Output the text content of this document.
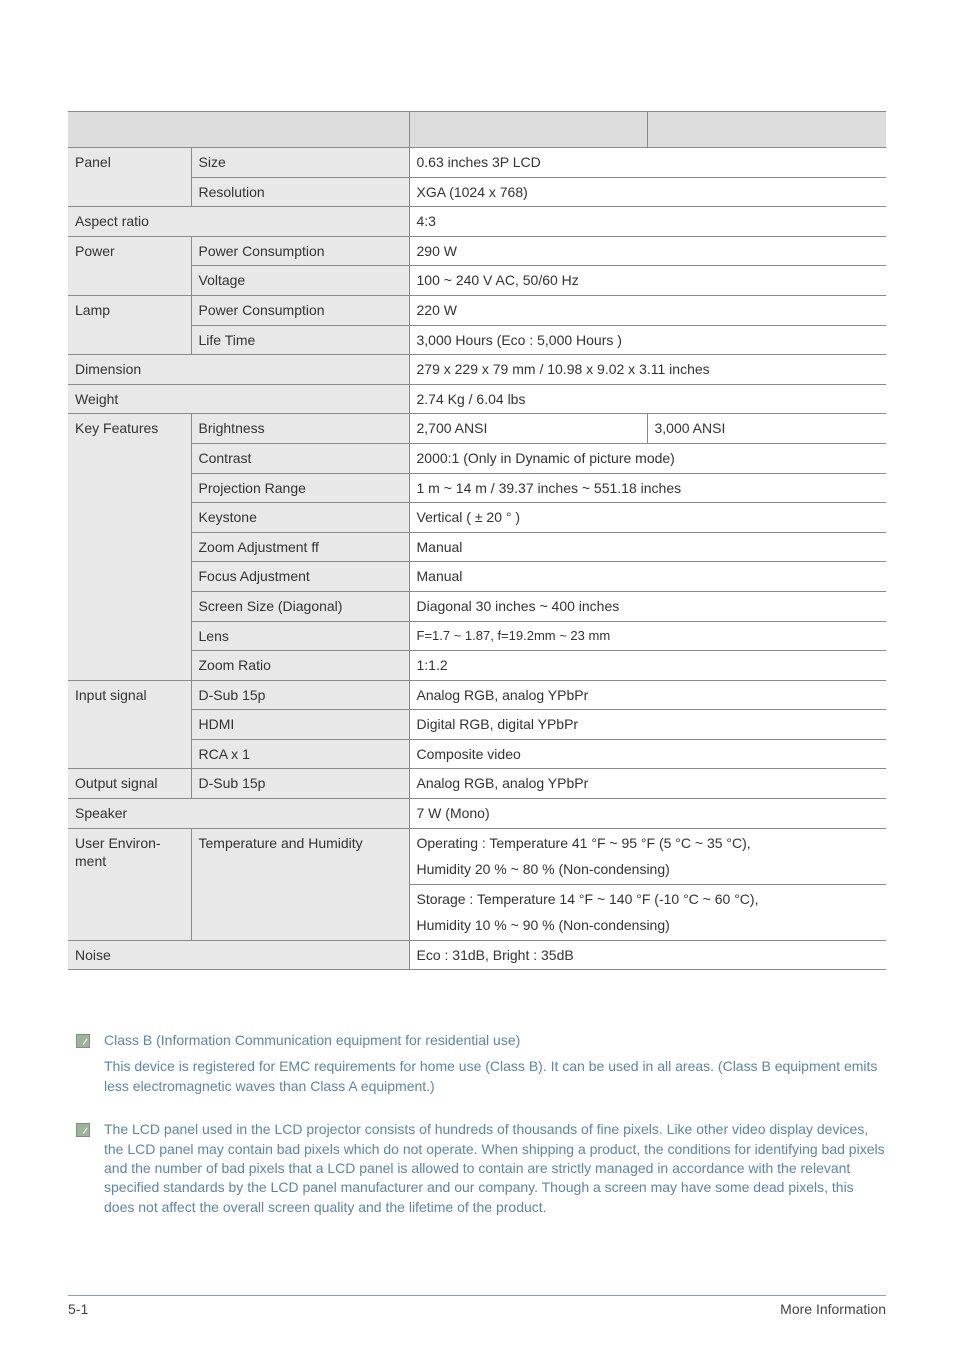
Panel	Size	0.63 inches 3P LCD	
	Resolution	XGA (1024 x 768)	
Aspect ratio		4:3	
Power	Power Consumption	290 W	
	Voltage	100 ~ 240 V AC, 50/60 Hz	
Lamp	Power Consumption	220 W	
	Life Time	3,000 Hours (Eco : 5,000 Hours )	
Dimension		279 x 229 x 79 mm / 10.98 x 9.02 x 3.11 inches	
Weight		2.74 Kg / 6.04 lbs	
Key Features	Brightness	2,700 ANSI	3,000 ANSI
	Contrast	2000:1 (Only in Dynamic of picture mode)	
	Projection Range	1 m ~ 14 m / 39.37 inches ~ 551.18 inches	
	Keystone	Vertical ( ± 20 ° )	
	Zoom Adjustment ff	Manual	
	Focus Adjustment	Manual	
	Screen Size (Diagonal)	Diagonal 30 inches ~ 400 inches	
	Lens	F=1.7 ~ 1.87, f=19.2mm ~ 23 mm	
	Zoom Ratio	1:1.2	
Input signal	D-Sub 15p	Analog RGB, analog YPbPr	
	HDMI	Digital RGB, digital YPbPr	
	RCA x 1	Composite video	
Output signal	D-Sub 15p	Analog RGB, analog YPbPr	
Speaker		7 W (Mono)	

User Environ-
ment	Temperature and Humidity	Operating : Temperature 41 °F ~ 95 °F (5 °C ~ 35 °C),
Humidity 20 % ~ 80 % (Non-condensing)	

		Storage : Temperature 14 °F ~ 140 °F (-10 °C ~ 60 °C),
Humidity 10 % ~ 90 % (Non-condensing)	

Noise		Eco : 31dB, Bright : 35dB	

Class B (Information Communication equipment for residential use)

This device is registered for EMC requirements for home use (Class B). It can be used in all areas. (Class B equipment emits less electromagnetic waves than Class A equipment.)

The LCD panel used in the LCD projector consists of hundreds of thousands of fine pixels. Like other video display devices, the LCD panel may contain bad pixels which do not operate. When shipping a product, the conditions for identifying bad pixels and the number of bad pixels that a LCD panel is allowed to contain are strictly managed in accordance with the relevant specified standards by the LCD panel manufacturer and our company. Though a screen may have some dead pixels, this does not affect the overall screen quality and the lifetime of the product.

5-1	More Information
